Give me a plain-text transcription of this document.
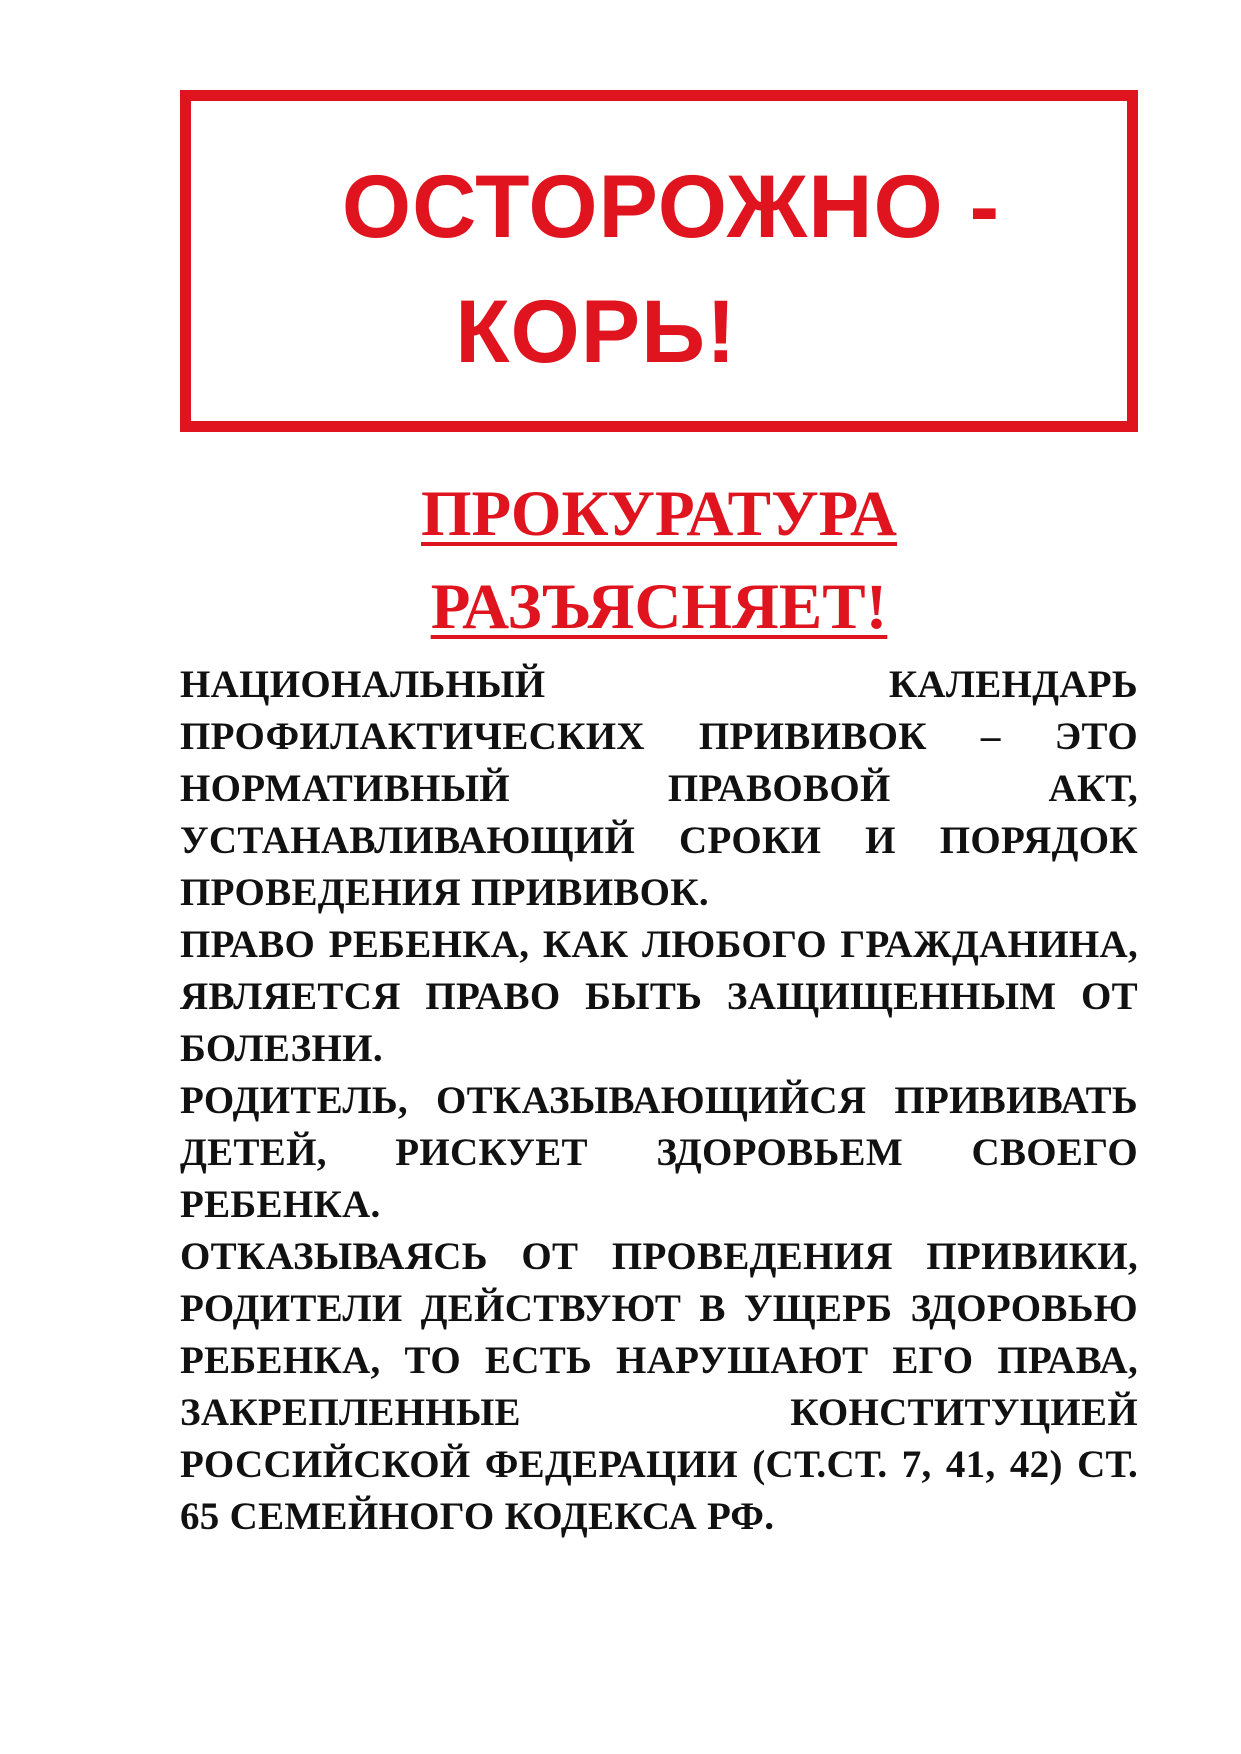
ОСТОРОЖНО -
КОРЬ!
ПРОКУРАТУРА
РАЗЪЯСНЯЕТ!

НАЦИОНАЛЬНЫЙ КАЛЕНДАРЬ ПРОФИЛАКТИЧЕСКИХ ПРИВИВОК – ЭТО НОРМАТИВНЫЙ ПРАВОВОЙ АКТ, УСТАНАВЛИВАЮЩИЙ СРОКИ И ПОРЯДОК ПРОВЕДЕНИЯ ПРИВИВОК.

ПРАВО РЕБЕНКА, КАК ЛЮБОГО ГРАЖДАНИНА, ЯВЛЯЕТСЯ ПРАВО БЫТЬ ЗАЩИЩЕННЫМ ОТ БОЛЕЗНИ.

РОДИТЕЛЬ, ОТКАЗЫВАЮЩИЙСЯ ПРИВИВАТЬ ДЕТЕЙ, РИСКУЕТ ЗДОРОВЬЕМ СВОЕГО РЕБЕНКА.

ОТКАЗЫВАЯСЬ ОТ ПРОВЕДЕНИЯ ПРИВИКИ, РОДИТЕЛИ ДЕЙСТВУЮТ В УЩЕРБ ЗДОРОВЬЮ РЕБЕНКА, ТО ЕСТЬ НАРУШАЮТ ЕГО ПРАВА, ЗАКРЕПЛЕННЫЕ КОНСТИТУЦИЕЙ РОССИЙСКОЙ ФЕДЕРАЦИИ (СТ.СТ. 7, 41, 42) СТ. 65 СЕМЕЙНОГО КОДЕКСА РФ.
